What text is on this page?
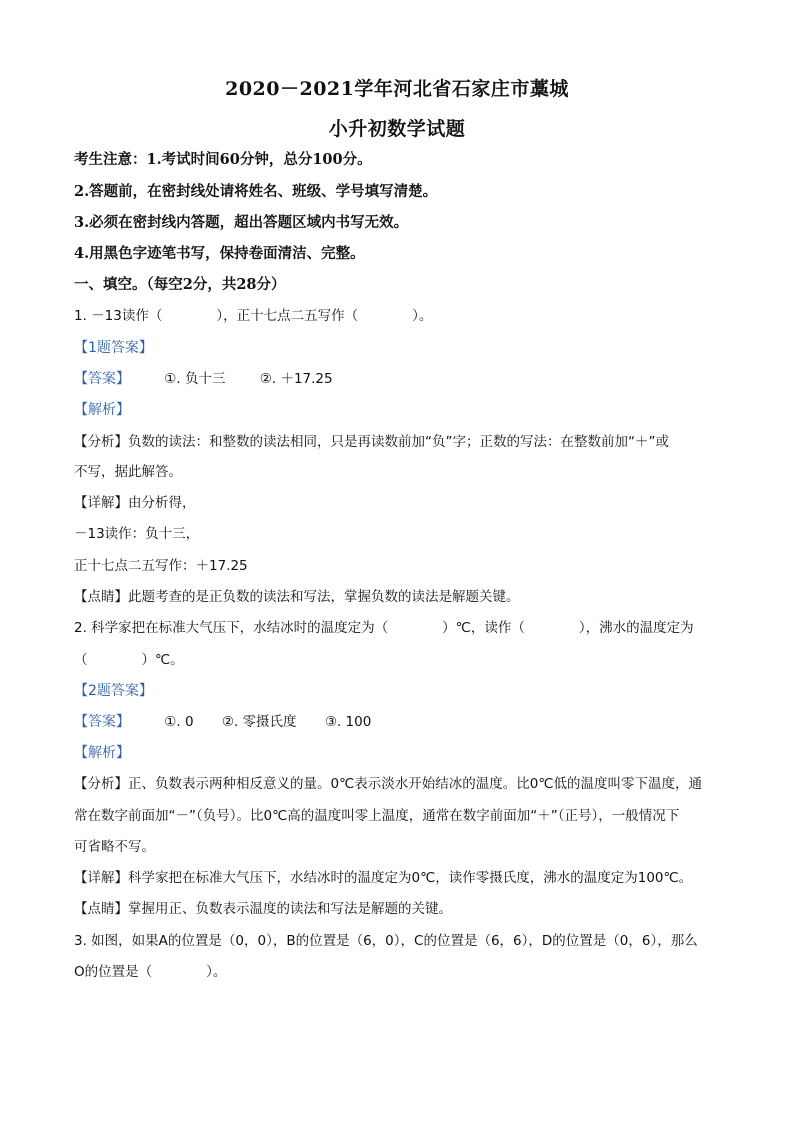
2020－2021学年河北省石家庄市藁城
小升初数学试题
考生注意：1.考试时间60分钟，总分100分。
2.答题前，在密封线处请将姓名、班级、学号填写清楚。
3.必须在密封线内答题，超出答题区域内书写无效。
4.用黑色字迹笔书写，保持卷面清洁、完整。
一、填空。（每空2分，共28分）
1. －13读作（　　　　），正十七点二五写作（　　　　）。
【1题答案】
【答案】	①. 负十三	②. ＋17.25
【解析】
【分析】负数的读法：和整数的读法相同，只是再读数前加“负”字；正数的写法：在整数前加“＋”或
不写，据此解答。
【详解】由分析得，
－13读作：负十三，
正十七点二五写作：＋17.25
【点睛】此题考查的是正负数的读法和写法，掌握负数的读法是解题关键。
2. 科学家把在标准大气压下，水结冰时的温度定为（　　　　）℃，读作（　　　　），沸水的温度定为
（　　　　）℃。
【2题答案】
【答案】	①. 0 ②. 零摄氏度 ③. 100
【解析】
【分析】正、负数表示两种相反意义的量。0℃表示淡水开始结冰的温度。比0℃低的温度叫零下温度，通
常在数字前面加“－”（负号）。比0℃高的温度叫零上温度，通常在数字前面加“＋”（正号），一般情况下
可省略不写。
【详解】科学家把在标准大气压下，水结冰时的温度定为0℃，读作零摄氏度，沸水的温度定为100℃。
【点睛】掌握用正、负数表示温度的读法和写法是解题的关键。
3. 如图，如果A的位置是（0，0），B的位置是（6，0），C的位置是（6，6），D的位置是（0，6），那么
O的位置是（　　　　）。
